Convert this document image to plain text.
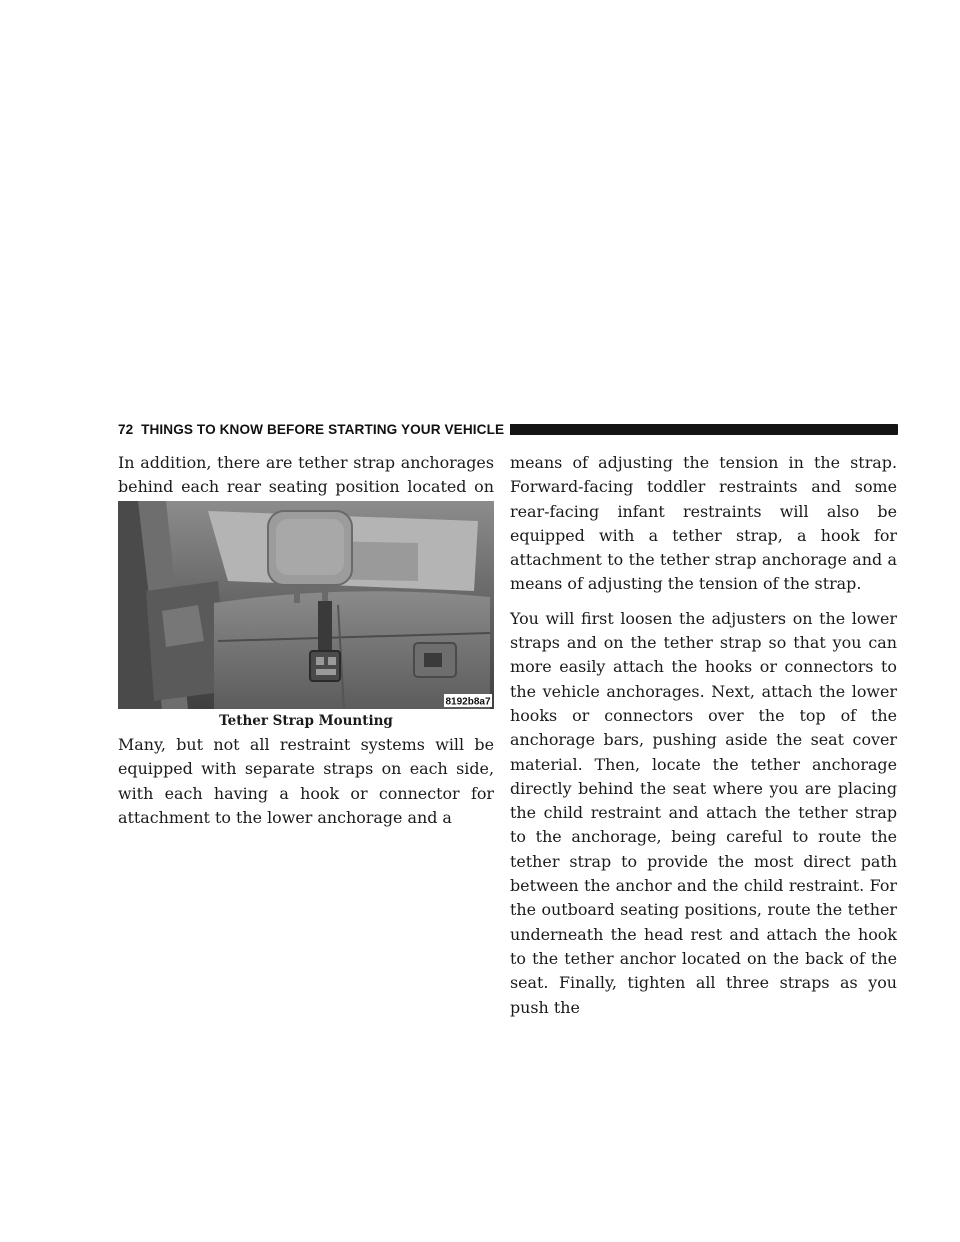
72 THINGS TO KNOW BEFORE STARTING YOUR VEHICLE

In addition, there are tether strap anchorages behind each rear seating position located on

8192b8a7
Tether Strap Mounting

Many, but not all restraint systems will be equipped with separate straps on each side, with each having a hook or connector for attachment to the lower anchorage and a

means of adjusting the tension in the strap. Forward-facing toddler restraints and some rear-facing infant restraints will also be equipped with a tether strap, a hook for attachment to the tether strap anchorage and a means of adjusting the tension of the strap.

You will first loosen the adjusters on the lower straps and on the tether strap so that you can more easily attach the hooks or connectors to the vehicle anchorages. Next, attach the lower hooks or connectors over the top of the anchorage bars, pushing aside the seat cover material. Then, locate the tether anchorage directly behind the seat where you are placing the child restraint and attach the tether strap to the anchorage, being careful to route the tether strap to provide the most direct path between the anchor and the child restraint. For the outboard seating positions, route the tether underneath the head rest and attach the hook to the tether anchor located on the back of the seat. Finally, tighten all three straps as you push the
